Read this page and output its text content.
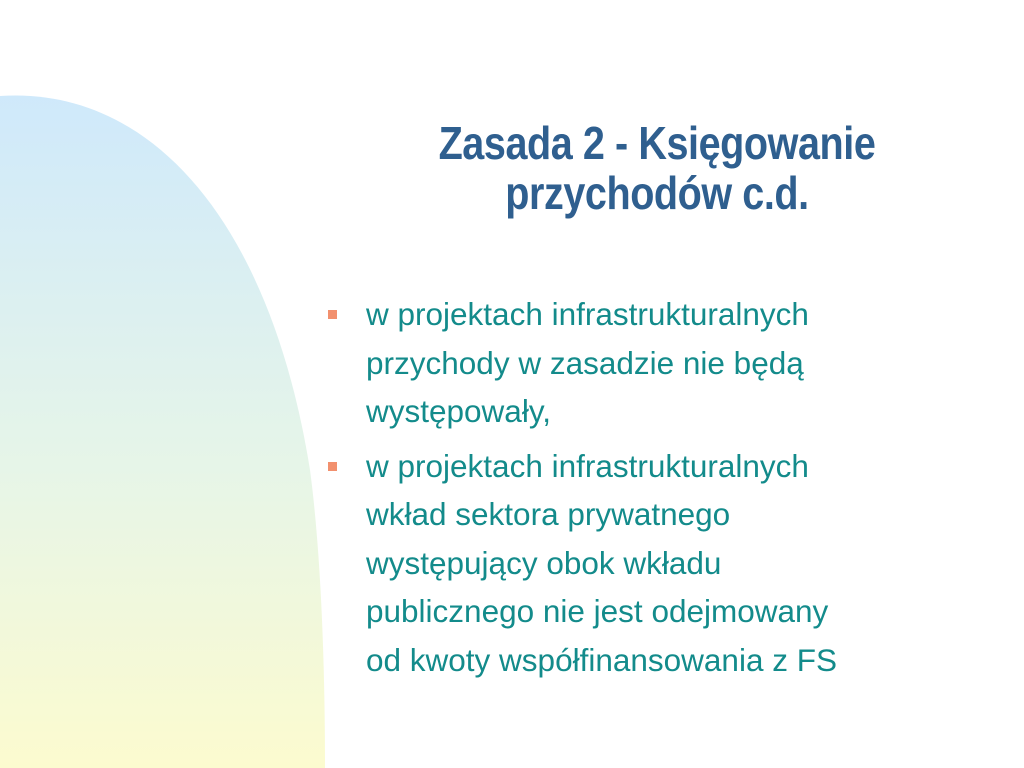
Zasada 2 - Księgowanie
przychodów c.d.
w projektach infrastrukturalnych
przychody w zasadzie nie będą
występowały,
w projektach infrastrukturalnych
wkład sektora prywatnego
występujący obok wkładu
publicznego nie jest odejmowany
od kwoty współfinansowania z FS
